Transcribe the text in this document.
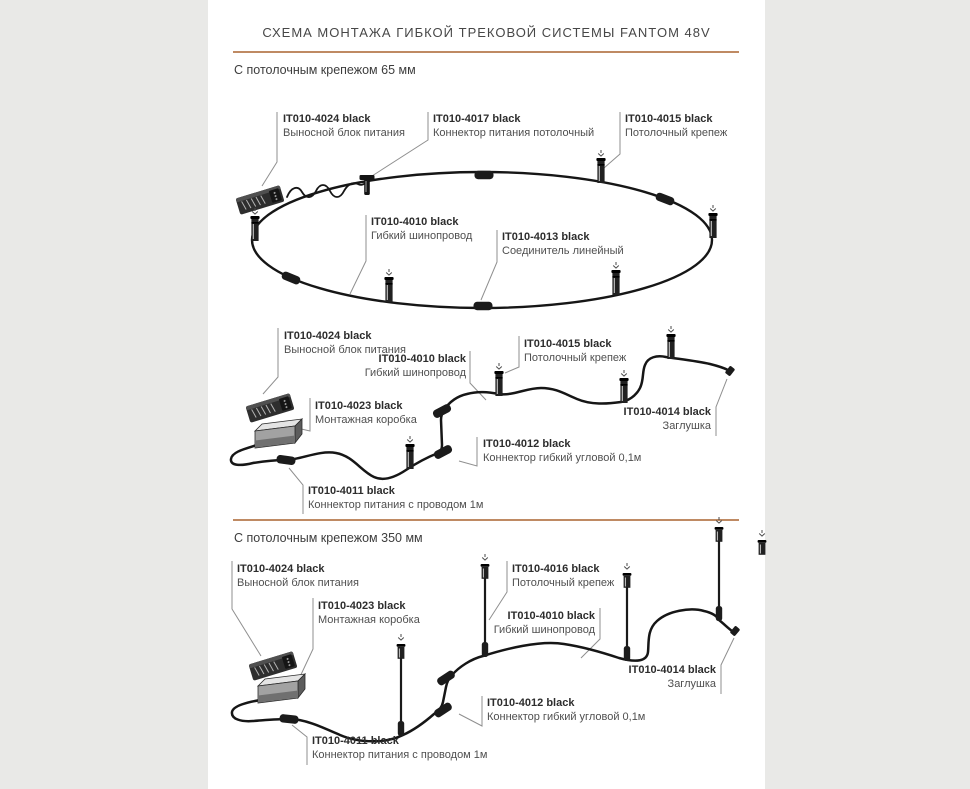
СХЕМА МОНТАЖА ГИБКОЙ ТРЕКОВОЙ СИСТЕМЫ FANTOM 48V
С потолочным крепежом 65 мм
С потолочным крепежом 350 мм
IT010-4024 black
Выносной блок питания
IT010-4017 black
Коннектор питания потолочный
IT010-4015 black
Потолочный крепеж
IT010-4010 black
Гибкий шинопровод	IT010-4013 black
Соединитель линейный
IT010-4024 black
Выносной блок питания
IT010-4010 black
Гибкий шинопровод
IT010-4015 black
Потолочный крепеж
IT010-4023 black
Монтажная коробка
IT010-4014 black
Заглушка
IT010-4012 black
Коннектор гибкий угловой 0,1м
IT010-4011 black
Коннектор питания с проводом 1м
IT010-4024 black
Выносной блок питания
IT010-4023 black
Монтажная коробка
IT010-4016 black
Потолочный крепеж
IT010-4010 black
Гибкий шинопровод
IT010-4014 black
Заглушка
IT010-4012 black
Коннектор гибкий угловой 0,1м
IT010-4011 black
Коннектор питания с проводом 1м
